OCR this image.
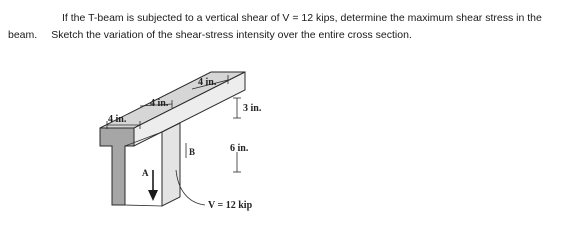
If the T-beam is subjected to a vertical shear of V = 12 kips, determine the maximum shear stress in the
beam. Sketch the variation of the shear-stress intensity over the entire cross section.

4 in.
4 in.
4 in.
3 in.
6 in.
B
A
V = 12 kip
